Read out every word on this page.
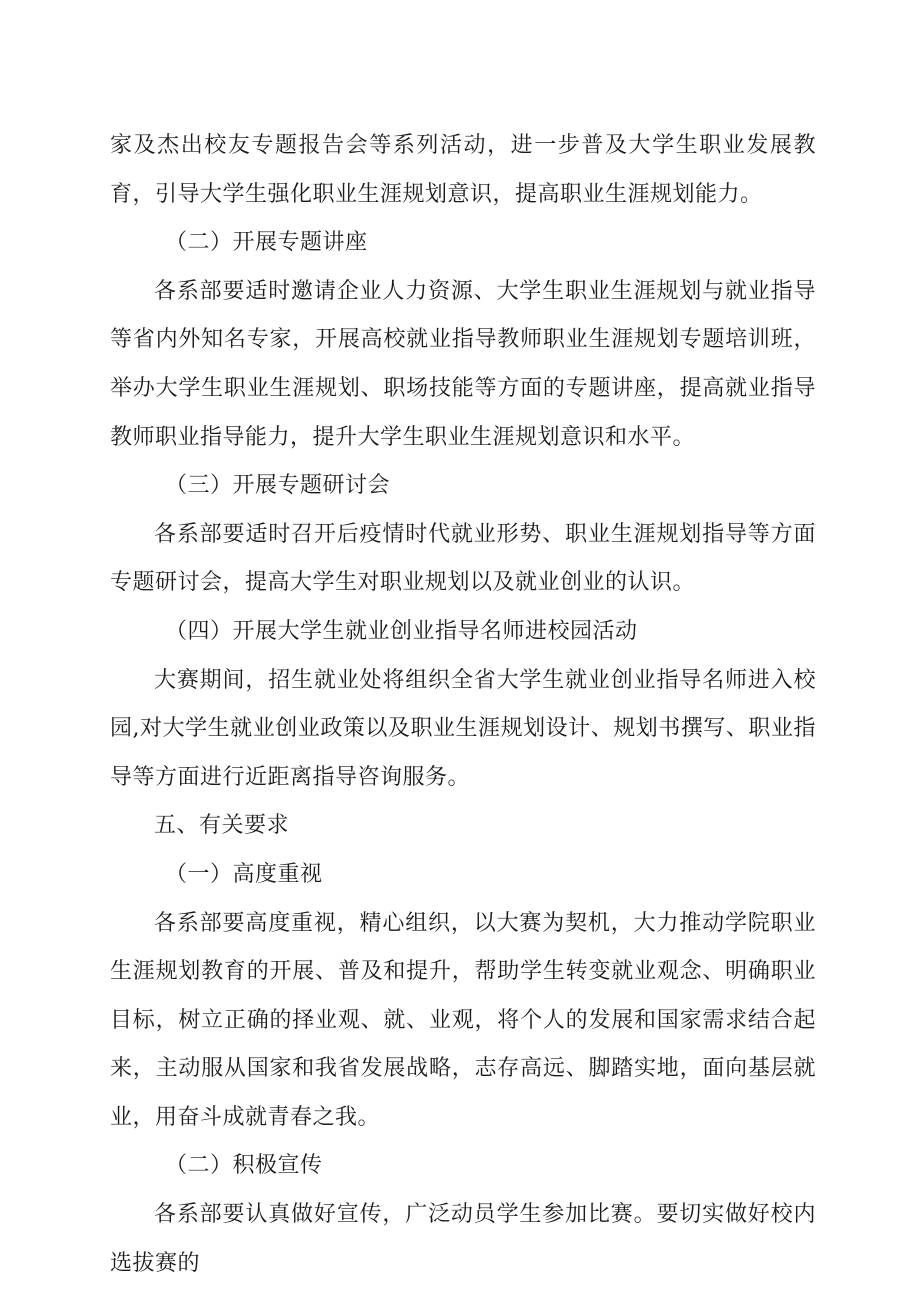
家及杰出校友专题报告会等系列活动，进一步普及大学生职业发展教育，引导大学生强化职业生涯规划意识，提高职业生涯规划能力。

（二）开展专题讲座

各系部要适时邀请企业人力资源、大学生职业生涯规划与就业指导等省内外知名专家，开展高校就业指导教师职业生涯规划专题培训班，举办大学生职业生涯规划、职场技能等方面的专题讲座，提高就业指导教师职业指导能力，提升大学生职业生涯规划意识和水平。

（三）开展专题研讨会

各系部要适时召开后疫情时代就业形势、职业生涯规划指导等方面专题研讨会，提高大学生对职业规划以及就业创业的认识。

（四）开展大学生就业创业指导名师进校园活动

大赛期间，招生就业处将组织全省大学生就业创业指导名师进入校园,对大学生就业创业政策以及职业生涯规划设计、规划书撰写、职业指导等方面进行近距离指导咨询服务。

五、有关要求

（一）高度重视

各系部要高度重视，精心组织，以大赛为契机，大力推动学院职业生涯规划教育的开展、普及和提升，帮助学生转变就业观念、明确职业目标，树立正确的择业观、就、业观，将个人的发展和国家需求结合起来，主动服从国家和我省发展战略，志存高远、脚踏实地，面向基层就业，用奋斗成就青春之我。

（二）积极宣传

各系部要认真做好宣传，广泛动员学生参加比赛。要切实做好校内选拔赛的
